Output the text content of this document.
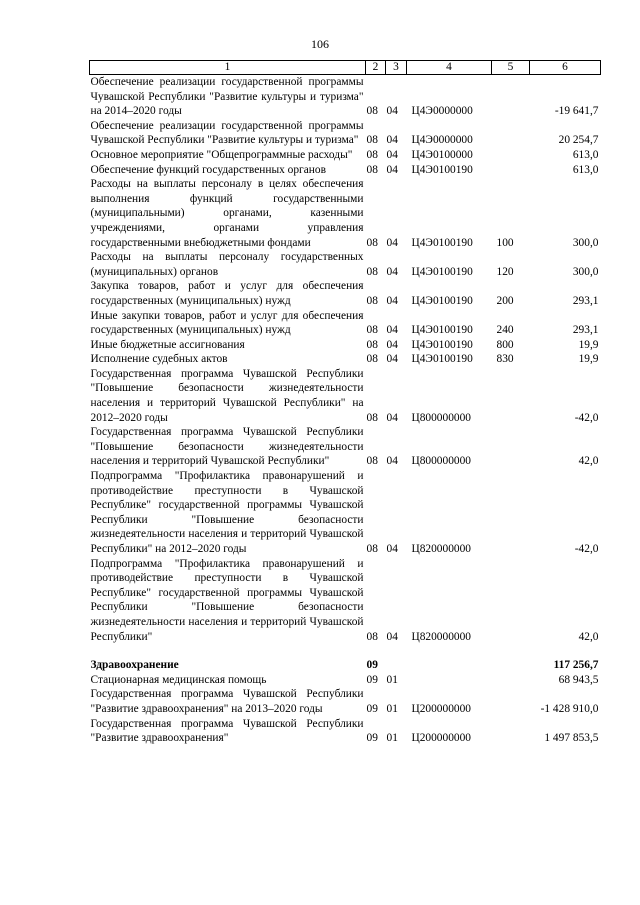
106
1	2	3	4	5	6
Обеспечение реализации государственной программы Чувашской Республики "Развитие культуры и туризма" на 2014–2020 годы	08	04	Ц4Э0000000		-19 641,7
Обеспечение реализации государственной программы Чувашской Республики "Развитие культуры и туризма"	08	04	Ц4Э0000000		20 254,7
Основное мероприятие "Общепрограммные расходы"	08	04	Ц4Э0100000		613,0
Обеспечение функций государственных органов	08	04	Ц4Э0100190		613,0
Расходы на выплаты персоналу в целях обеспечения выполнения функций государственными (муниципальными) органами, казенными учреждениями, органами управления государственными внебюджетными фондами	08	04	Ц4Э0100190	100	300,0
Расходы на выплаты персоналу государственных (муниципальных) органов	08	04	Ц4Э0100190	120	300,0
Закупка товаров, работ и услуг для обеспечения государственных (муниципальных) нужд	08	04	Ц4Э0100190	200	293,1
Иные закупки товаров, работ и услуг для обеспечения государственных (муниципальных) нужд	08	04	Ц4Э0100190	240	293,1
Иные бюджетные ассигнования	08	04	Ц4Э0100190	800	19,9
Исполнение судебных актов	08	04	Ц4Э0100190	830	19,9
Государственная программа Чувашской Республики "Повышение безопасности жизнедеятельности населения и территорий Чувашской Республики" на 2012–2020 годы	08	04	Ц800000000		-42,0
Государственная программа Чувашской Республики "Повышение безопасности жизнедеятельности населения и территорий Чувашской Республики"	08	04	Ц800000000		42,0
Подпрограмма "Профилактика правонарушений и противодействие преступности в Чувашской Республике" государственной программы Чувашской Республики "Повышение безопасности жизнедеятельности населения и территорий Чувашской Республики" на 2012–2020 годы	08	04	Ц820000000		-42,0
Подпрограмма "Профилактика правонарушений и противодействие преступности в Чувашской Республике" государственной программы Чувашской Республики "Повышение безопасности жизнедеятельности населения и территорий Чувашской Республики"	08	04	Ц820000000		42,0

Здравоохранение	09				117 256,7
Стационарная медицинская помощь	09	01			68 943,5
Государственная программа Чувашской Республики "Развитие здравоохранения" на 2013–2020 годы	09	01	Ц200000000		-1 428 910,0
Государственная программа Чувашской Республики "Развитие здравоохранения"	09	01	Ц200000000		1 497 853,5
